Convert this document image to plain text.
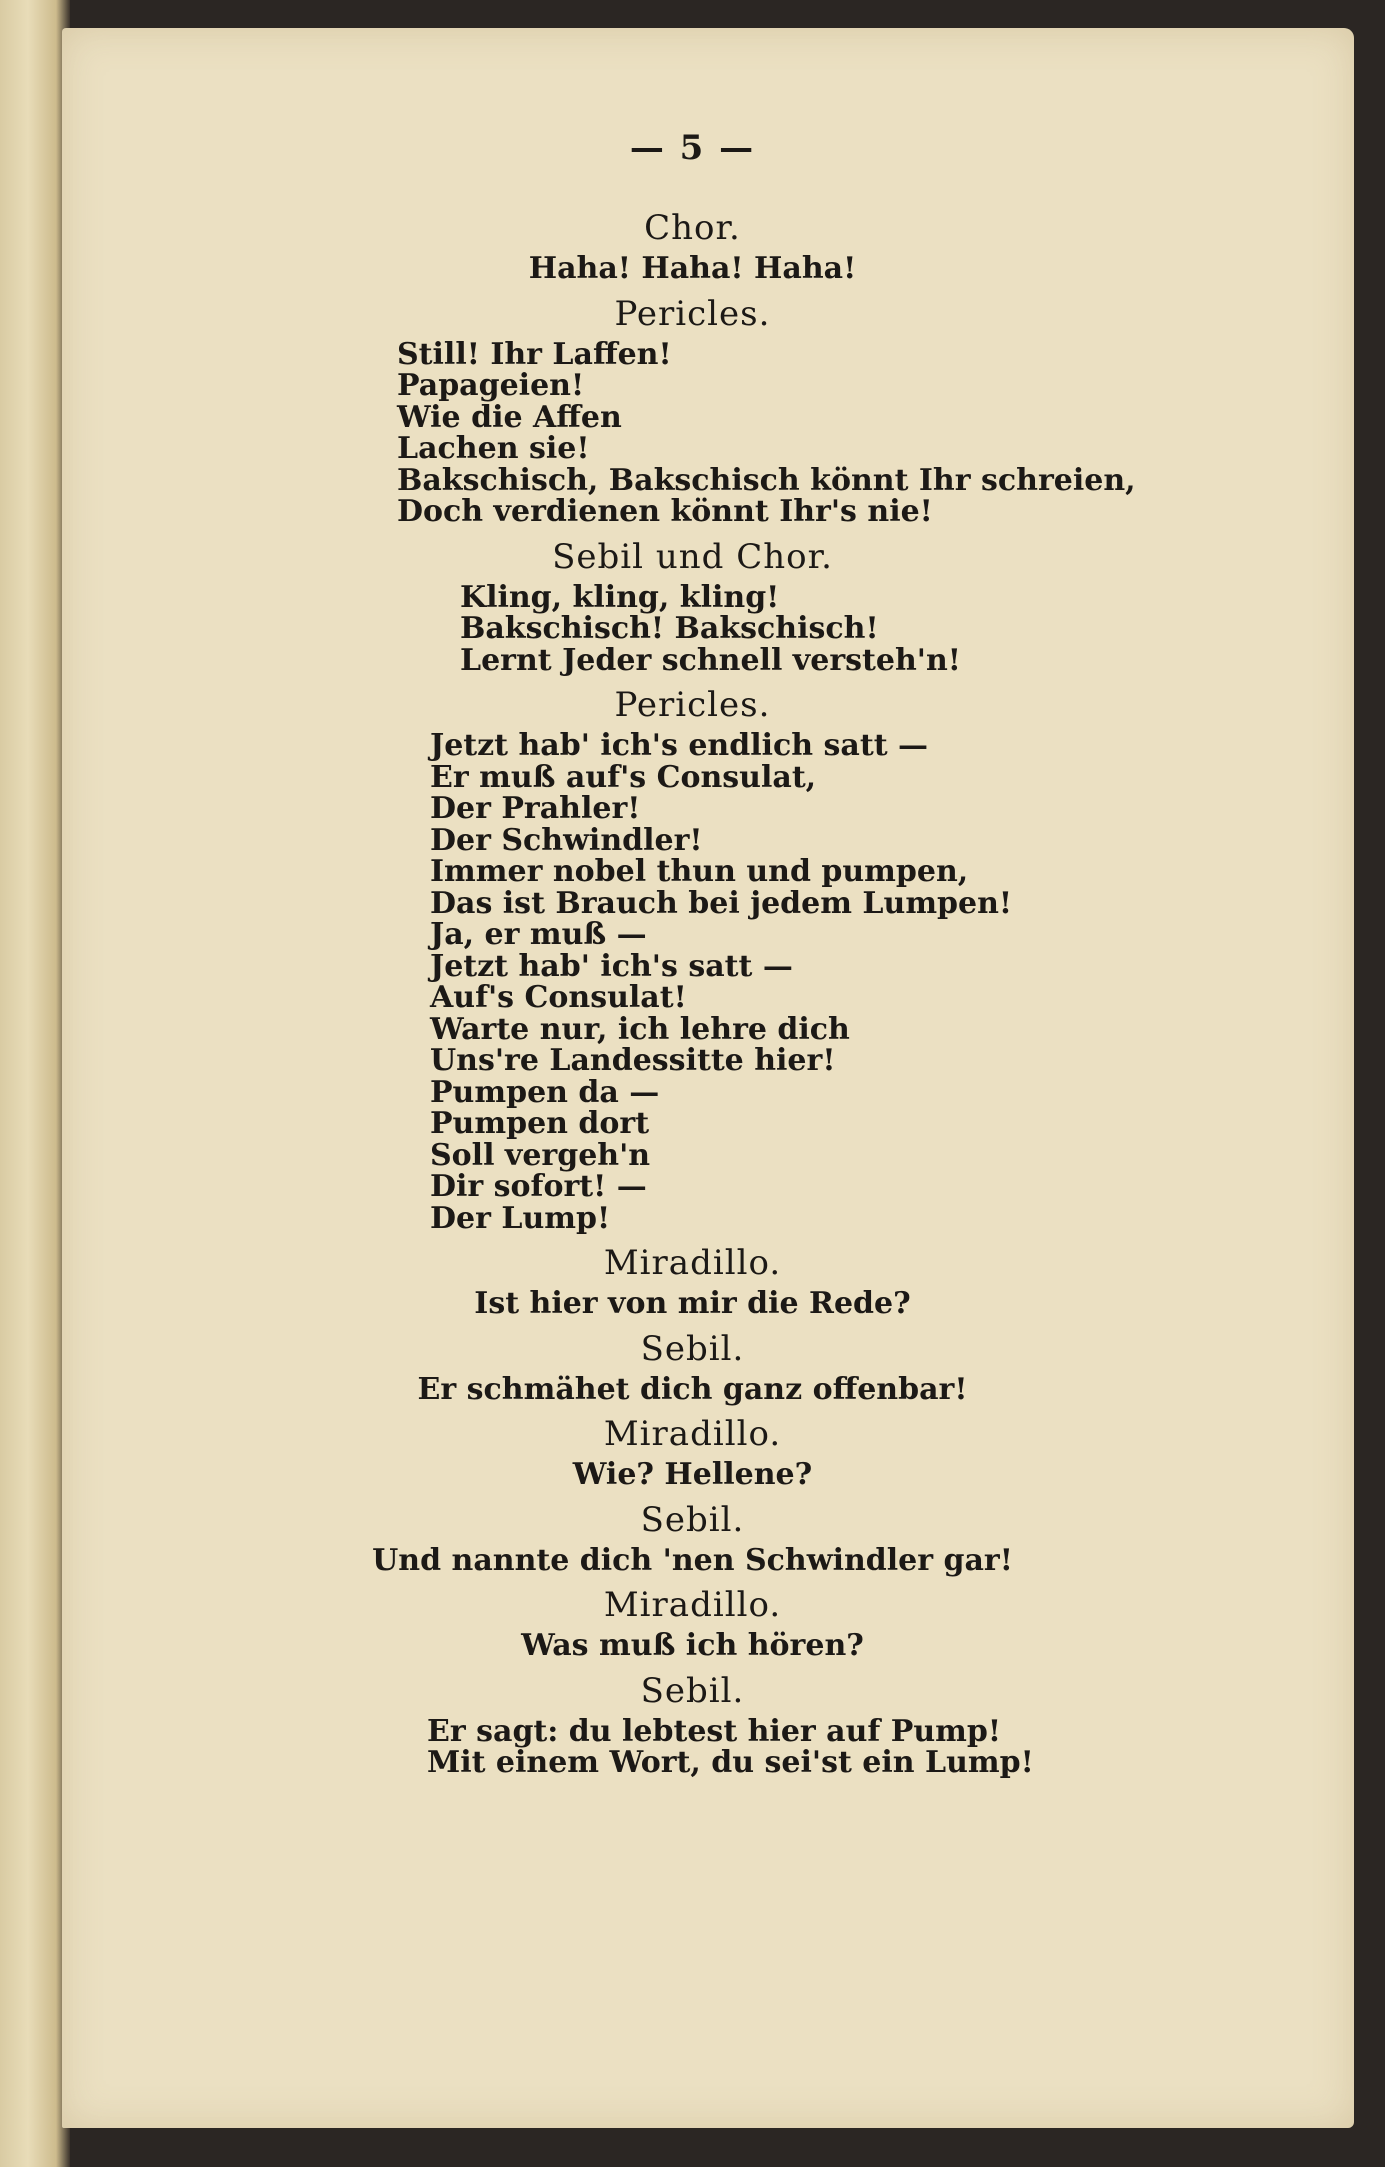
— 5 —
Chor.
Haha! Haha! Haha!
Pericles.
Still! Ihr Laffen!
Papageien!
Wie die Affen
Lachen sie!
Bakschisch, Bakschisch könnt Ihr schreien,
Doch verdienen könnt Ihr's nie!
Sebil und Chor.
Kling, kling, kling!
Bakschisch! Bakschisch!
Lernt Jeder schnell versteh'n!
Pericles.
Jetzt hab' ich's endlich satt —
Er muß auf's Consulat,
Der Prahler!
Der Schwindler!
Immer nobel thun und pumpen,
Das ist Brauch bei jedem Lumpen!
Ja, er muß —
Jetzt hab' ich's satt —
Auf's Consulat!
Warte nur, ich lehre dich
Uns're Landessitte hier!
Pumpen da —
Pumpen dort
Soll vergeh'n
Dir sofort! —
Der Lump!
Miradillo.
Ist hier von mir die Rede?
Sebil.
Er schmähet dich ganz offenbar!
Miradillo.
Wie? Hellene?
Sebil.
Und nannte dich 'nen Schwindler gar!
Miradillo.
Was muß ich hören?
Sebil.
Er sagt: du lebtest hier auf Pump!
Mit einem Wort, du sei'st ein Lump!
